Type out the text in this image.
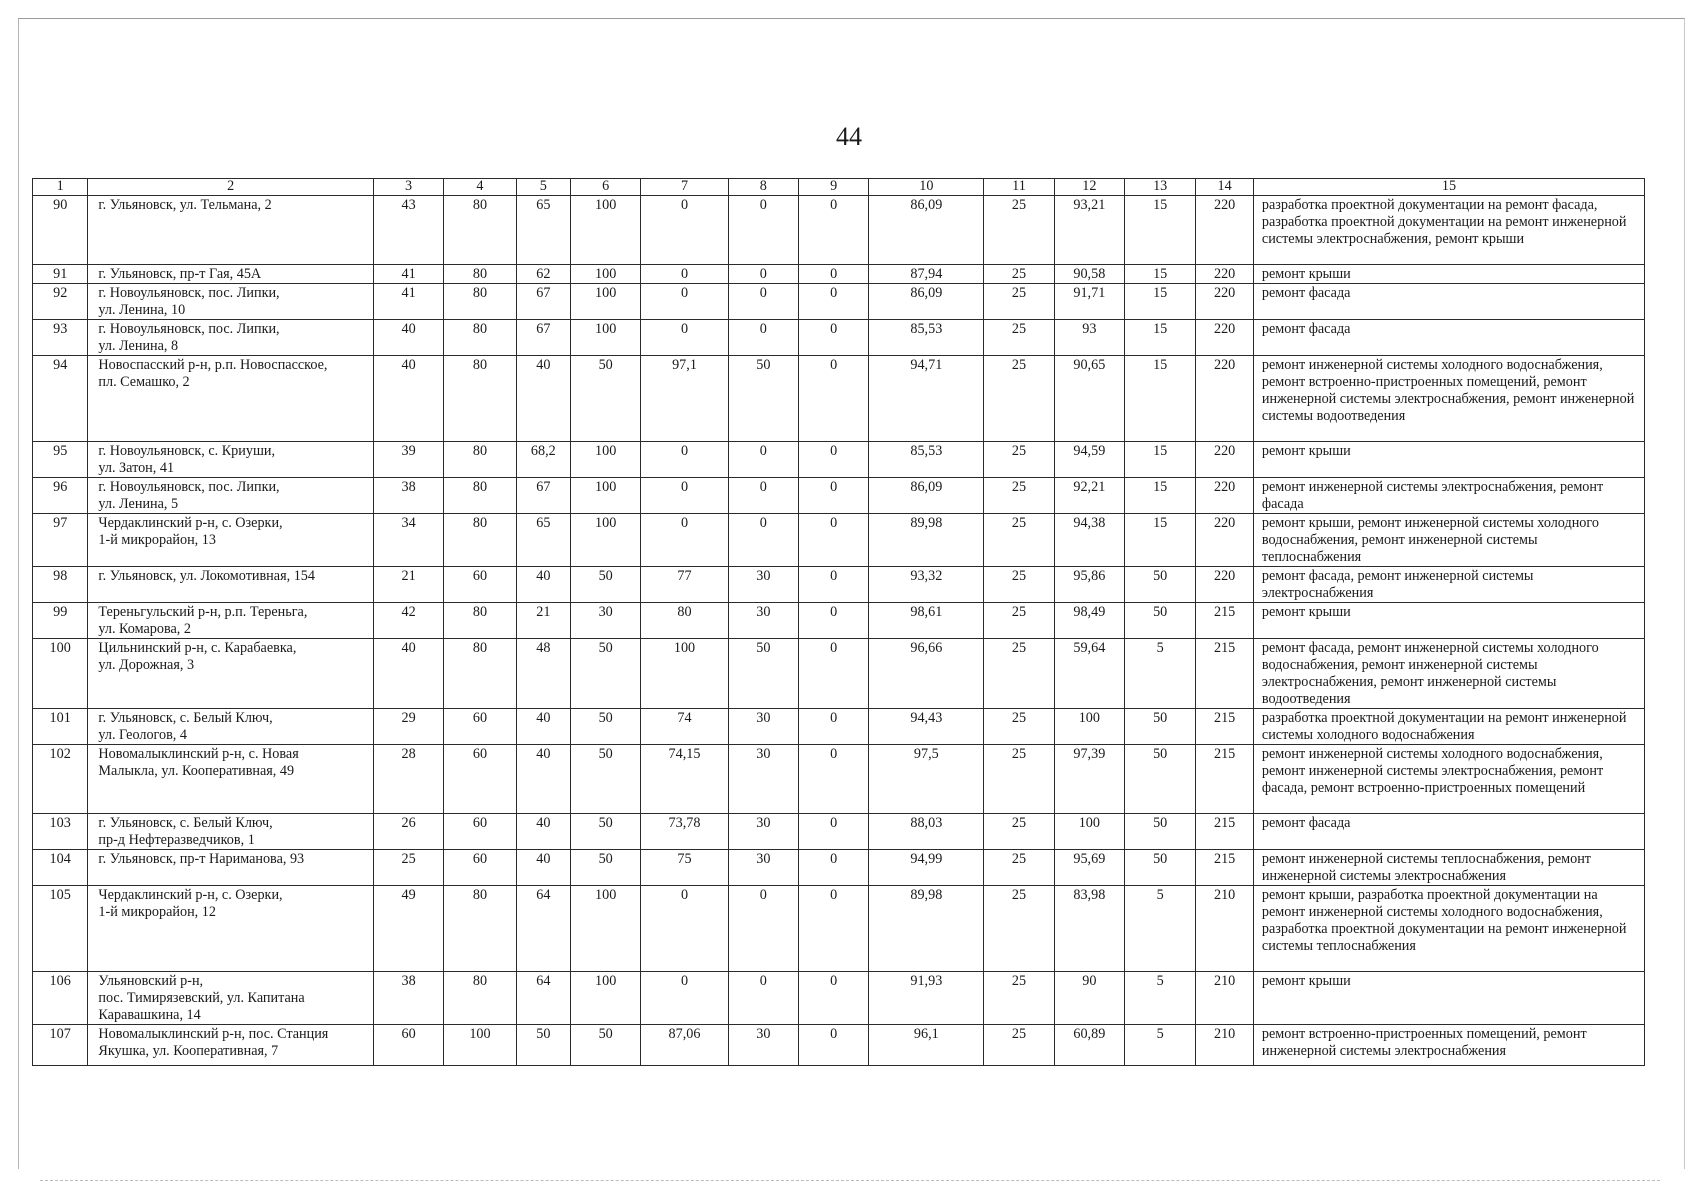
44
1	2	3	4	5	6	7	8	9	10	11	12	13	14	15
90	г. Ульяновск, ул. Тельмана, 2	43	80	65	100	0	0	0	86,09	25	93,21	15	220	разработка проектной документации на ремонт фасада, разработка проектной документации на ремонт инженерной системы электроснабжения, ремонт крыши
91	г. Ульяновск, пр-т Гая, 45А	41	80	62	100	0	0	0	87,94	25	90,58	15	220	ремонт крыши
92	г. Новоульяновск, пос. Липки,
ул. Ленина, 10	41	80	67	100	0	0	0	86,09	25	91,71	15	220	ремонт фасада
93	г. Новоульяновск, пос. Липки,
ул. Ленина, 8	40	80	67	100	0	0	0	85,53	25	93	15	220	ремонт фасада
94	Новоспасский р-н, р.п. Новоспасское,
пл. Семашко, 2	40	80	40	50	97,1	50	0	94,71	25	90,65	15	220	ремонт инженерной системы холодного водоснабжения, ремонт встроенно-пристроенных помещений, ремонт инженерной системы электроснабжения, ремонт инженерной системы водоотведения
95	г. Новоульяновск, с. Криуши,
ул. Затон, 41	39	80	68,2	100	0	0	0	85,53	25	94,59	15	220	ремонт крыши
96	г. Новоульяновск, пос. Липки,
ул. Ленина, 5	38	80	67	100	0	0	0	86,09	25	92,21	15	220	ремонт инженерной системы электроснабжения, ремонт фасада
97	Чердаклинский р-н, с. Озерки,
1-й микрорайон, 13	34	80	65	100	0	0	0	89,98	25	94,38	15	220	ремонт крыши, ремонт инженерной системы холодного водоснабжения, ремонт инженерной системы теплоснабжения
98	г. Ульяновск, ул. Локомотивная, 154	21	60	40	50	77	30	0	93,32	25	95,86	50	220	ремонт фасада, ремонт инженерной системы электроснабжения
99	Тереньгульский р-н, р.п. Тереньга,
ул. Комарова, 2	42	80	21	30	80	30	0	98,61	25	98,49	50	215	ремонт крыши
100	Цильнинский р-н, с. Карабаевка,
ул. Дорожная, 3	40	80	48	50	100	50	0	96,66	25	59,64	5	215	ремонт фасада, ремонт инженерной системы холодного водоснабжения, ремонт инженерной системы электроснабжения, ремонт инженерной системы водоотведения
101	г. Ульяновск, с. Белый Ключ,
ул. Геологов, 4	29	60	40	50	74	30	0	94,43	25	100	50	215	разработка проектной документации на ремонт инженерной системы холодного водоснабжения
102	Новомалыклинский р-н, с. Новая
Малыкла, ул. Кооперативная, 49	28	60	40	50	74,15	30	0	97,5	25	97,39	50	215	ремонт инженерной системы холодного водоснабжения, ремонт инженерной системы электроснабжения, ремонт фасада, ремонт встроенно-пристроенных помещений
103	г. Ульяновск, с. Белый Ключ,
пр-д Нефтеразведчиков, 1	26	60	40	50	73,78	30	0	88,03	25	100	50	215	ремонт фасада
104	г. Ульяновск, пр-т Нариманова, 93	25	60	40	50	75	30	0	94,99	25	95,69	50	215	ремонт инженерной системы теплоснабжения, ремонт инженерной системы электроснабжения
105	Чердаклинский р-н, с. Озерки,
1-й микрорайон, 12	49	80	64	100	0	0	0	89,98	25	83,98	5	210	ремонт крыши, разработка проектной документации на ремонт инженерной системы холодного водоснабжения, разработка проектной документации на ремонт инженерной системы теплоснабжения
106	Ульяновский р-н,
пос. Тимирязевский, ул. Капитана Каравашкина, 14	38	80	64	100	0	0	0	91,93	25	90	5	210	ремонт крыши
107	Новомалыклинский р-н, пос. Станция
Якушка, ул. Кооперативная, 7	60	100	50	50	87,06	30	0	96,1	25	60,89	5	210	ремонт встроенно-пристроенных помещений, ремонт инженерной системы электроснабжения
